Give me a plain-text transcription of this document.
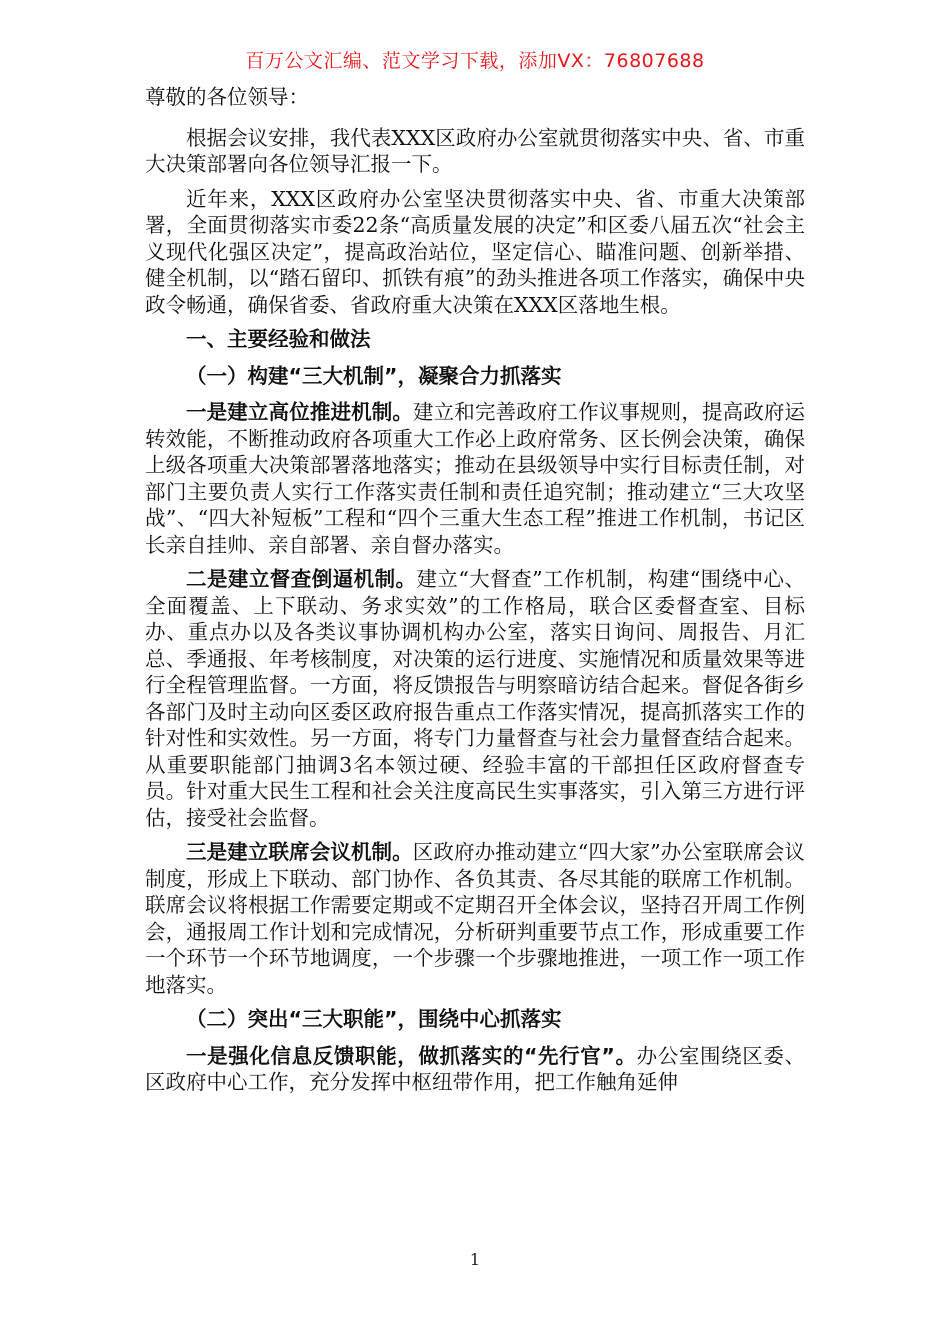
百万公文汇编、范文学习下载，添加VX：76807688

尊敬的各位领导：

根据会议安排，我代表XXX区政府办公室就贯彻落实中央、省、市重大决策部署向各位领导汇报一下。

近年来，XXX区政府办公室坚决贯彻落实中央、省、市重大决策部署，全面贯彻落实市委22条“高质量发展的决定”和区委八届五次“社会主义现代化强区决定”，提高政治站位，坚定信心、瞄准问题、创新举措、健全机制，以“踏石留印、抓铁有痕”的劲头推进各项工作落实，确保中央政令畅通，确保省委、省政府重大决策在XXX区落地生根。

一、主要经验和做法

（一）构建“三大机制”，凝聚合力抓落实

一是建立高位推进机制。建立和完善政府工作议事规则，提高政府运转效能，不断推动政府各项重大工作必上政府常务、区长例会决策，确保上级各项重大决策部署落地落实；推动在县级领导中实行目标责任制，对部门主要负责人实行工作落实责任制和责任追究制；推动建立“三大攻坚战”、“四大补短板”工程和“四个三重大生态工程”推进工作机制，书记区长亲自挂帅、亲自部署、亲自督办落实。

二是建立督查倒逼机制。建立“大督查”工作机制，构建“围绕中心、全面覆盖、上下联动、务求实效”的工作格局，联合区委督查室、目标办、重点办以及各类议事协调机构办公室，落实日询问、周报告、月汇总、季通报、年考核制度，对决策的运行进度、实施情况和质量效果等进行全程管理监督。一方面，将反馈报告与明察暗访结合起来。督促各街乡各部门及时主动向区委区政府报告重点工作落实情况，提高抓落实工作的针对性和实效性。另一方面，将专门力量督查与社会力量督查结合起来。从重要职能部门抽调3名本领过硬、经验丰富的干部担任区政府督查专员。针对重大民生工程和社会关注度高民生实事落实，引入第三方进行评估，接受社会监督。

三是建立联席会议机制。区政府办推动建立“四大家”办公室联席会议制度，形成上下联动、部门协作、各负其责、各尽其能的联席工作机制。联席会议将根据工作需要定期或不定期召开全体会议，坚持召开周工作例会，通报周工作计划和完成情况，分析研判重要节点工作，形成重要工作一个环节一个环节地调度，一个步骤一个步骤地推进，一项工作一项工作地落实。

（二）突出“三大职能”，围绕中心抓落实

一是强化信息反馈职能，做抓落实的“先行官”。办公室围绕区委、区政府中心工作，充分发挥中枢纽带作用，把工作触角延伸

1
